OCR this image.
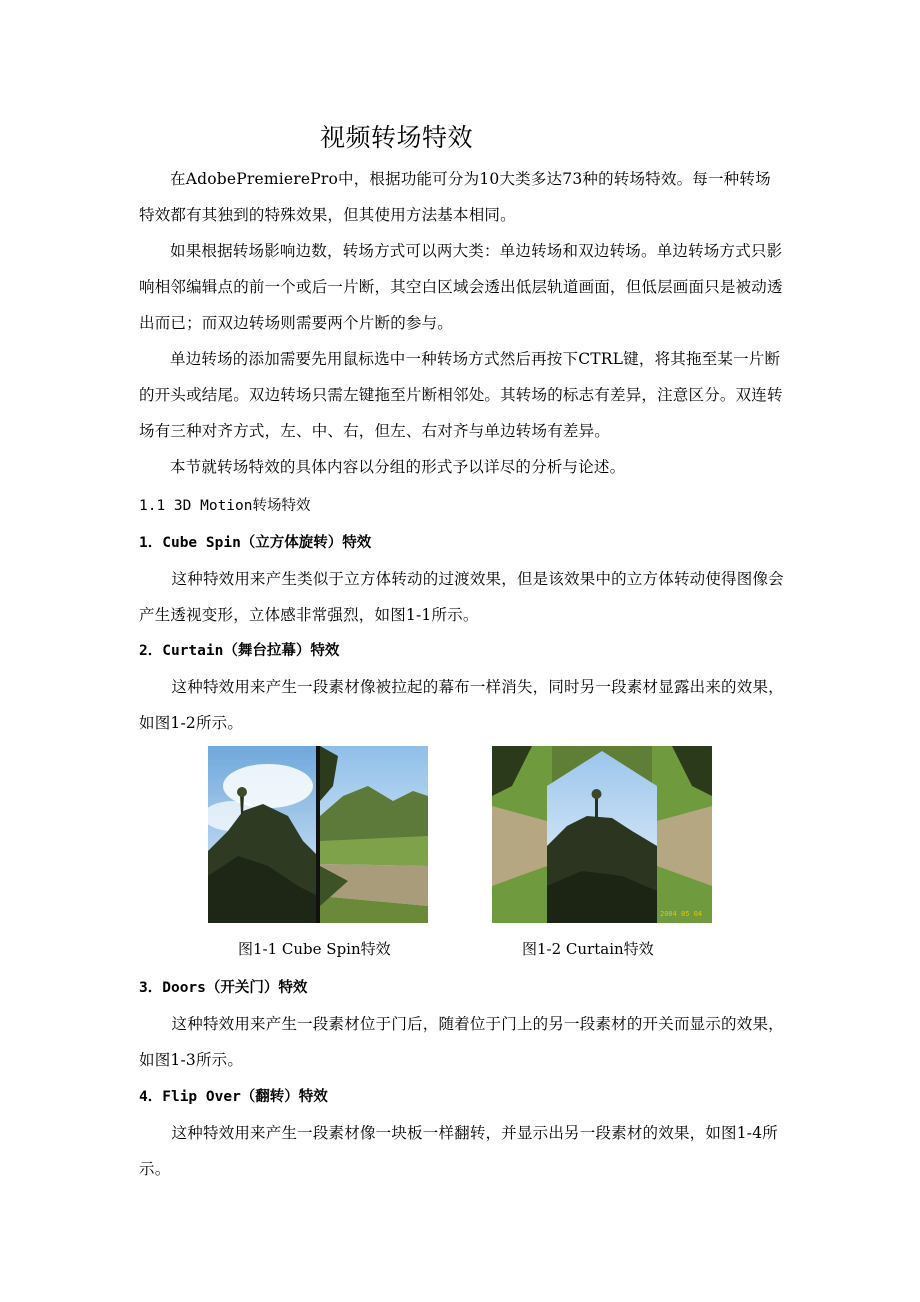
视频转场特效
在AdobePremierePro中，根据功能可分为10大类多达73种的转场特效。每一种转场特效都有其独到的特殊效果，但其使用方法基本相同。
如果根据转场影响边数，转场方式可以两大类：单边转场和双边转场。单边转场方式只影响相邻编辑点的前一个或后一片断，其空白区域会透出低层轨道画面，但低层画面只是被动透出而已；而双边转场则需要两个片断的参与。
单边转场的添加需要先用鼠标选中一种转场方式然后再按下CTRL键，将其拖至某一片断的开头或结尾。双边转场只需左键拖至片断相邻处。其转场的标志有差异，注意区分。双连转场有三种对齐方式，左、中、右，但左、右对齐与单边转场有差异。
本节就转场特效的具体内容以分组的形式予以详尽的分析与论述。
1.1 3D Motion转场特效
1．Cube Spin（立方体旋转）特效
这种特效用来产生类似于立方体转动的过渡效果，但是该效果中的立方体转动使得图像会产生透视变形，立体感非常强烈，如图1-1所示。
2．Curtain（舞台拉幕）特效
这种特效用来产生一段素材像被拉起的幕布一样消失，同时另一段素材显露出来的效果，如图1-2所示。
2004 05 04
图1-1 Cube Spin特效	图1-2 Curtain特效
3．Doors（开关门）特效
这种特效用来产生一段素材位于门后，随着位于门上的另一段素材的开关而显示的效果，如图1-3所示。
4．Flip Over（翻转）特效
这种特效用来产生一段素材像一块板一样翻转，并显示出另一段素材的效果，如图1-4所示。
